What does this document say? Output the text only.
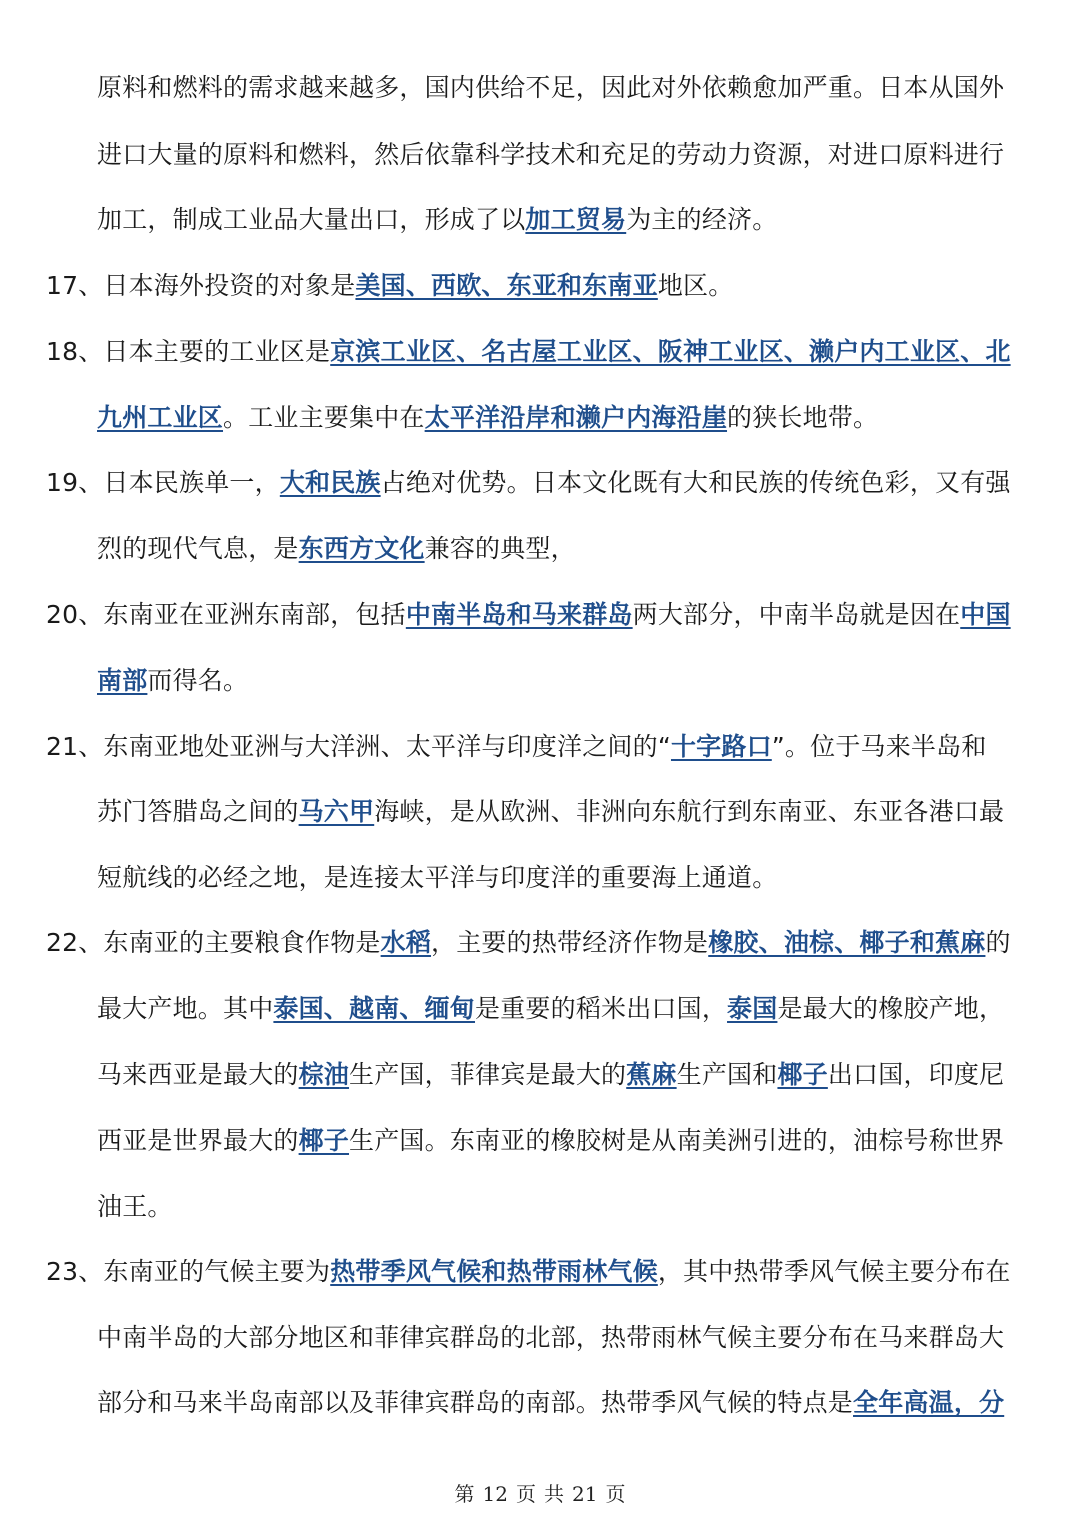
原料和燃料的需求越来越多，国内供给不足，因此对外依赖愈加严重。日本从国外
进口大量的原料和燃料，然后依靠科学技术和充足的劳动力资源，对进口原料进行
加工，制成工业品大量出口，形成了以加工贸易为主的经济。
17、日本海外投资的对象是美国、西欧、东亚和东南亚地区。
18、日本主要的工业区是京滨工业区、名古屋工业区、阪神工业区、濑户内工业区、北
九州工业区。工业主要集中在太平洋沿岸和濑户内海沿崖的狭长地带。
19、日本民族单一，大和民族占绝对优势。日本文化既有大和民族的传统色彩，又有强
烈的现代气息，是东西方文化兼容的典型，
20、东南亚在亚洲东南部，包括中南半岛和马来群岛两大部分，中南半岛就是因在中国
南部而得名。
21、东南亚地处亚洲与大洋洲、太平洋与印度洋之间的“十字路口”。位于马来半岛和
苏门答腊岛之间的马六甲海峡，是从欧洲、非洲向东航行到东南亚、东亚各港口最
短航线的必经之地，是连接太平洋与印度洋的重要海上通道。
22、东南亚的主要粮食作物是水稻，主要的热带经济作物是橡胶、油棕、椰子和蕉麻的
最大产地。其中泰国、越南、缅甸是重要的稻米出口国，泰国是最大的橡胶产地，
马来西亚是最大的棕油生产国，菲律宾是最大的蕉麻生产国和椰子出口国，印度尼
西亚是世界最大的椰子生产国。东南亚的橡胶树是从南美洲引进的，油棕号称世界
油王。
23、东南亚的气候主要为热带季风气候和热带雨林气候，其中热带季风气候主要分布在
中南半岛的大部分地区和菲律宾群岛的北部，热带雨林气候主要分布在马来群岛大
部分和马来半岛南部以及菲律宾群岛的南部。热带季风气候的特点是全年高温，分
第 12 页 共 21 页
